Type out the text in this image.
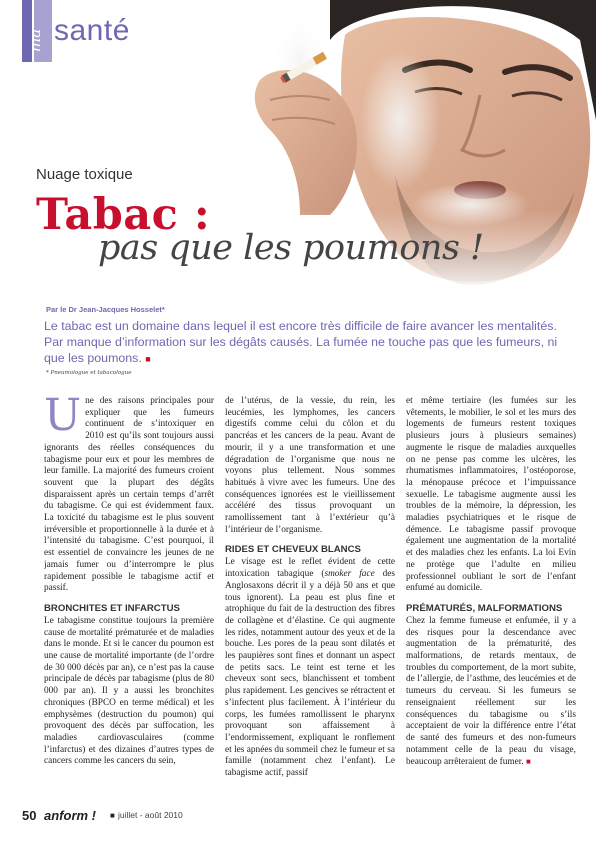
ma santé
Nuage toxique
Tabac :
pas que les poumons !
Par le Dr Jean-Jacques Hosselet*
Le tabac est un domaine dans lequel il est encore très difficile de faire avancer les mentalités. Par manque d’information sur les dégâts causés. La fumée ne touche pas que les fumeurs, ni que les poumons. ■
* Pneumologue et tabacologue

Une des raisons principales pour expliquer que les fumeurs continuent de s’intoxiquer en 2010 est qu’ils sont toujours aussi ignorants des réelles conséquences du tabagisme pour eux et pour les membres de leur famille. La majorité des fumeurs croient souvent que la plupart des dégâts disparaissent après un certain temps d’arrêt du tabagisme. Ce qui est évidemment faux. La toxicité du tabagisme est le plus souvent irréversible et proportionnelle à la durée et à l’intensité du tabagisme. C’est pourquoi, il est essentiel de convaincre les jeunes de ne jamais fumer ou d’interrompre le plus rapidement possible le tabagisme actif et passif.

BRONCHITES ET INFARCTUS

Le tabagisme constitue toujours la première cause de mortalité prématurée et de maladies dans le monde. Et si le cancer du poumon est une cause de mortalité importante (de l’ordre de 30 000 décès par an), ce n’est pas la cause principale de décès par tabagisme (plus de 80 000 par an). Il y a aussi les bronchites chroniques (BPCO en terme médical) et les emphysèmes (destruction du poumon) qui provoquent des décès par suffocation, les maladies cardiovasculaires (comme l’infarctus) et des dizaines d’autres types de cancers comme les cancers du sein,

de l’utérus, de la vessie, du rein, les leucémies, les lymphomes, les cancers digestifs comme celui du côlon et du pancréas et les cancers de la peau. Avant de mourir, il y a une transformation et une dégradation de l’organisme que nous ne voyons plus tellement. Nous sommes habitués à vivre avec les fumeurs. Une des conséquences ignorées est le vieillissement accéléré des tissus provoquant un ramollissement tant à l’extérieur qu’à l’intérieur de l’organisme.

RIDES ET CHEVEUX BLANCS

Le visage est le reflet évident de cette intoxication tabagique (smoker face des Anglosaxons décrit il y a déjà 50 ans et que tous ignorent). La peau est plus fine et atrophique du fait de la destruction des fibres de collagène et d’élastine. Ce qui augmente les rides, notamment autour des yeux et de la bouche. Les pores de la peau sont dilatés et les paupières sont fines et donnant un aspect de petits sacs. Le teint est terne et les cheveux sont secs, blanchissent et tombent plus rapidement. Les gencives se rétractent et s’infectent plus facilement. À l’intérieur du corps, les fumées ramollissent le pharynx provoquant son affaissement à l’endormissement, expliquant le ronflement et les apnées du sommeil chez le fumeur et sa famille (notamment chez l’enfant). Le tabagisme actif, passif

et même tertiaire (les fumées sur les vêtements, le mobilier, le sol et les murs des logements de fumeurs restent toxiques plusieurs jours à plusieurs semaines) augmente le risque de maladies auxquelles on ne pense pas comme les ulcères, les rhumatismes inflammatoires, l’ostéoporose, la ménopause précoce et l’impuissance sexuelle. Le tabagisme augmente aussi les troubles de la mémoire, la dépression, les maladies psychiatriques et le risque de démence. Le tabagisme passif provoque également une augmentation de la mortalité et des maladies chez les enfants. La loi Evin ne protège que l’adulte en milieu professionnel oubliant le sort de l’enfant enfumé au domicile.

PRÉMATURÉS, MALFORMATIONS

Chez la femme fumeuse et enfumée, il y a des risques pour la descendance avec augmentation de la prématurité, des malformations, de retards mentaux, de troubles du comportement, de la mort subite, de l’allergie, de l’asthme, des leucémies et de tumeurs du cerveau. Si les fumeurs se renseignaient réellement sur les conséquences du tabagisme ou s’ils acceptaient de voir la différence entre l’état de santé des fumeurs et des non-fumeurs notamment celle de la peau du visage, beaucoup arrêteraient de fumer. ■

50 anform ! ■ juillet - août 2010
